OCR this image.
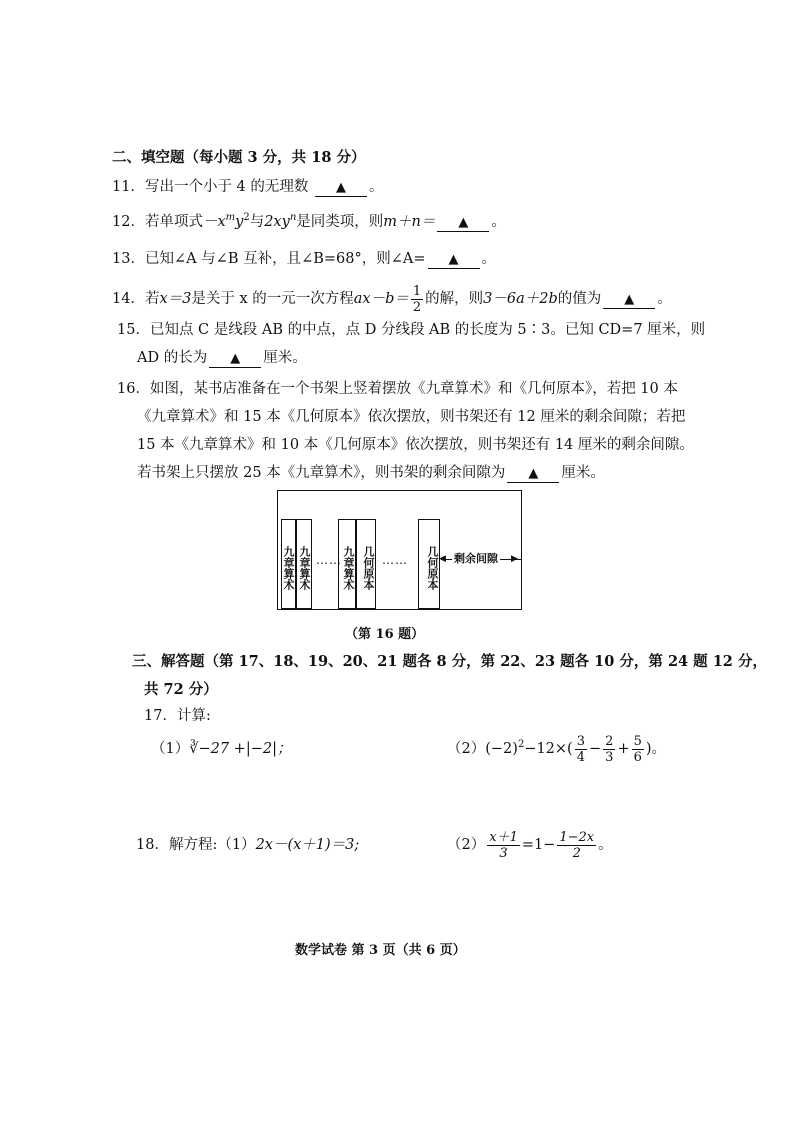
二、填空题（每小题 3 分，共 18 分）
11．写出一个小于 4 的无理数 ▲ 。
12．若单项式$-x^my^2$与$2xy^n$是同类项，则m＋n＝ ▲ 。
13．已知∠A 与∠B 互补，且∠B=68°，则∠A= ▲ 。
14．若x＝3是关于 x 的一元一次方程$ax-b= \frac{1}{2}$ 的解，则3－6a＋2b的值为 ▲ 。
15．已知点 C 是线段 AB 的中点，点 D 分线段 AB 的长度为 5∶3。已知 CD=7 厘米，则
AD 的长为 ▲ 厘米。
16．如图，某书店准备在一个书架上竖着摆放《九章算术》和《几何原本》，若把 10 本
《九章算术》和 15 本《几何原本》依次摆放，则书架还有 12 厘米的剩余间隙；若把
15 本《九章算术》和 10 本《几何原本》依次摆放，则书架还有 14 厘米的剩余间隙。
若书架上只摆放 25 本《九章算术》，则书架的剩余间隙为 ▲ 厘米。
九章算术 九章算术 …… 九章算术 几何原本 ……	几何原本 ◀	▶
剩余间隙
（第 16 题）
三、解答题（第 17、18、19、20、21 题各 8 分，第 22、23 题各 10 分，第 24 题 12 分，
共 72 分）
17．计算:
（1）∛−27 +|−2|；	$(2)(-2)^2-12\times( \frac{3}{4} - \frac{2}{3} + \frac{5}{6}$ )。
18．解方程:（1）2x－(x＋1)＝3;	$(2) \frac{x+1}{3} =1- \frac{1-2x}{2}$ 。
数学试卷 第 3 页（共 6 页）
